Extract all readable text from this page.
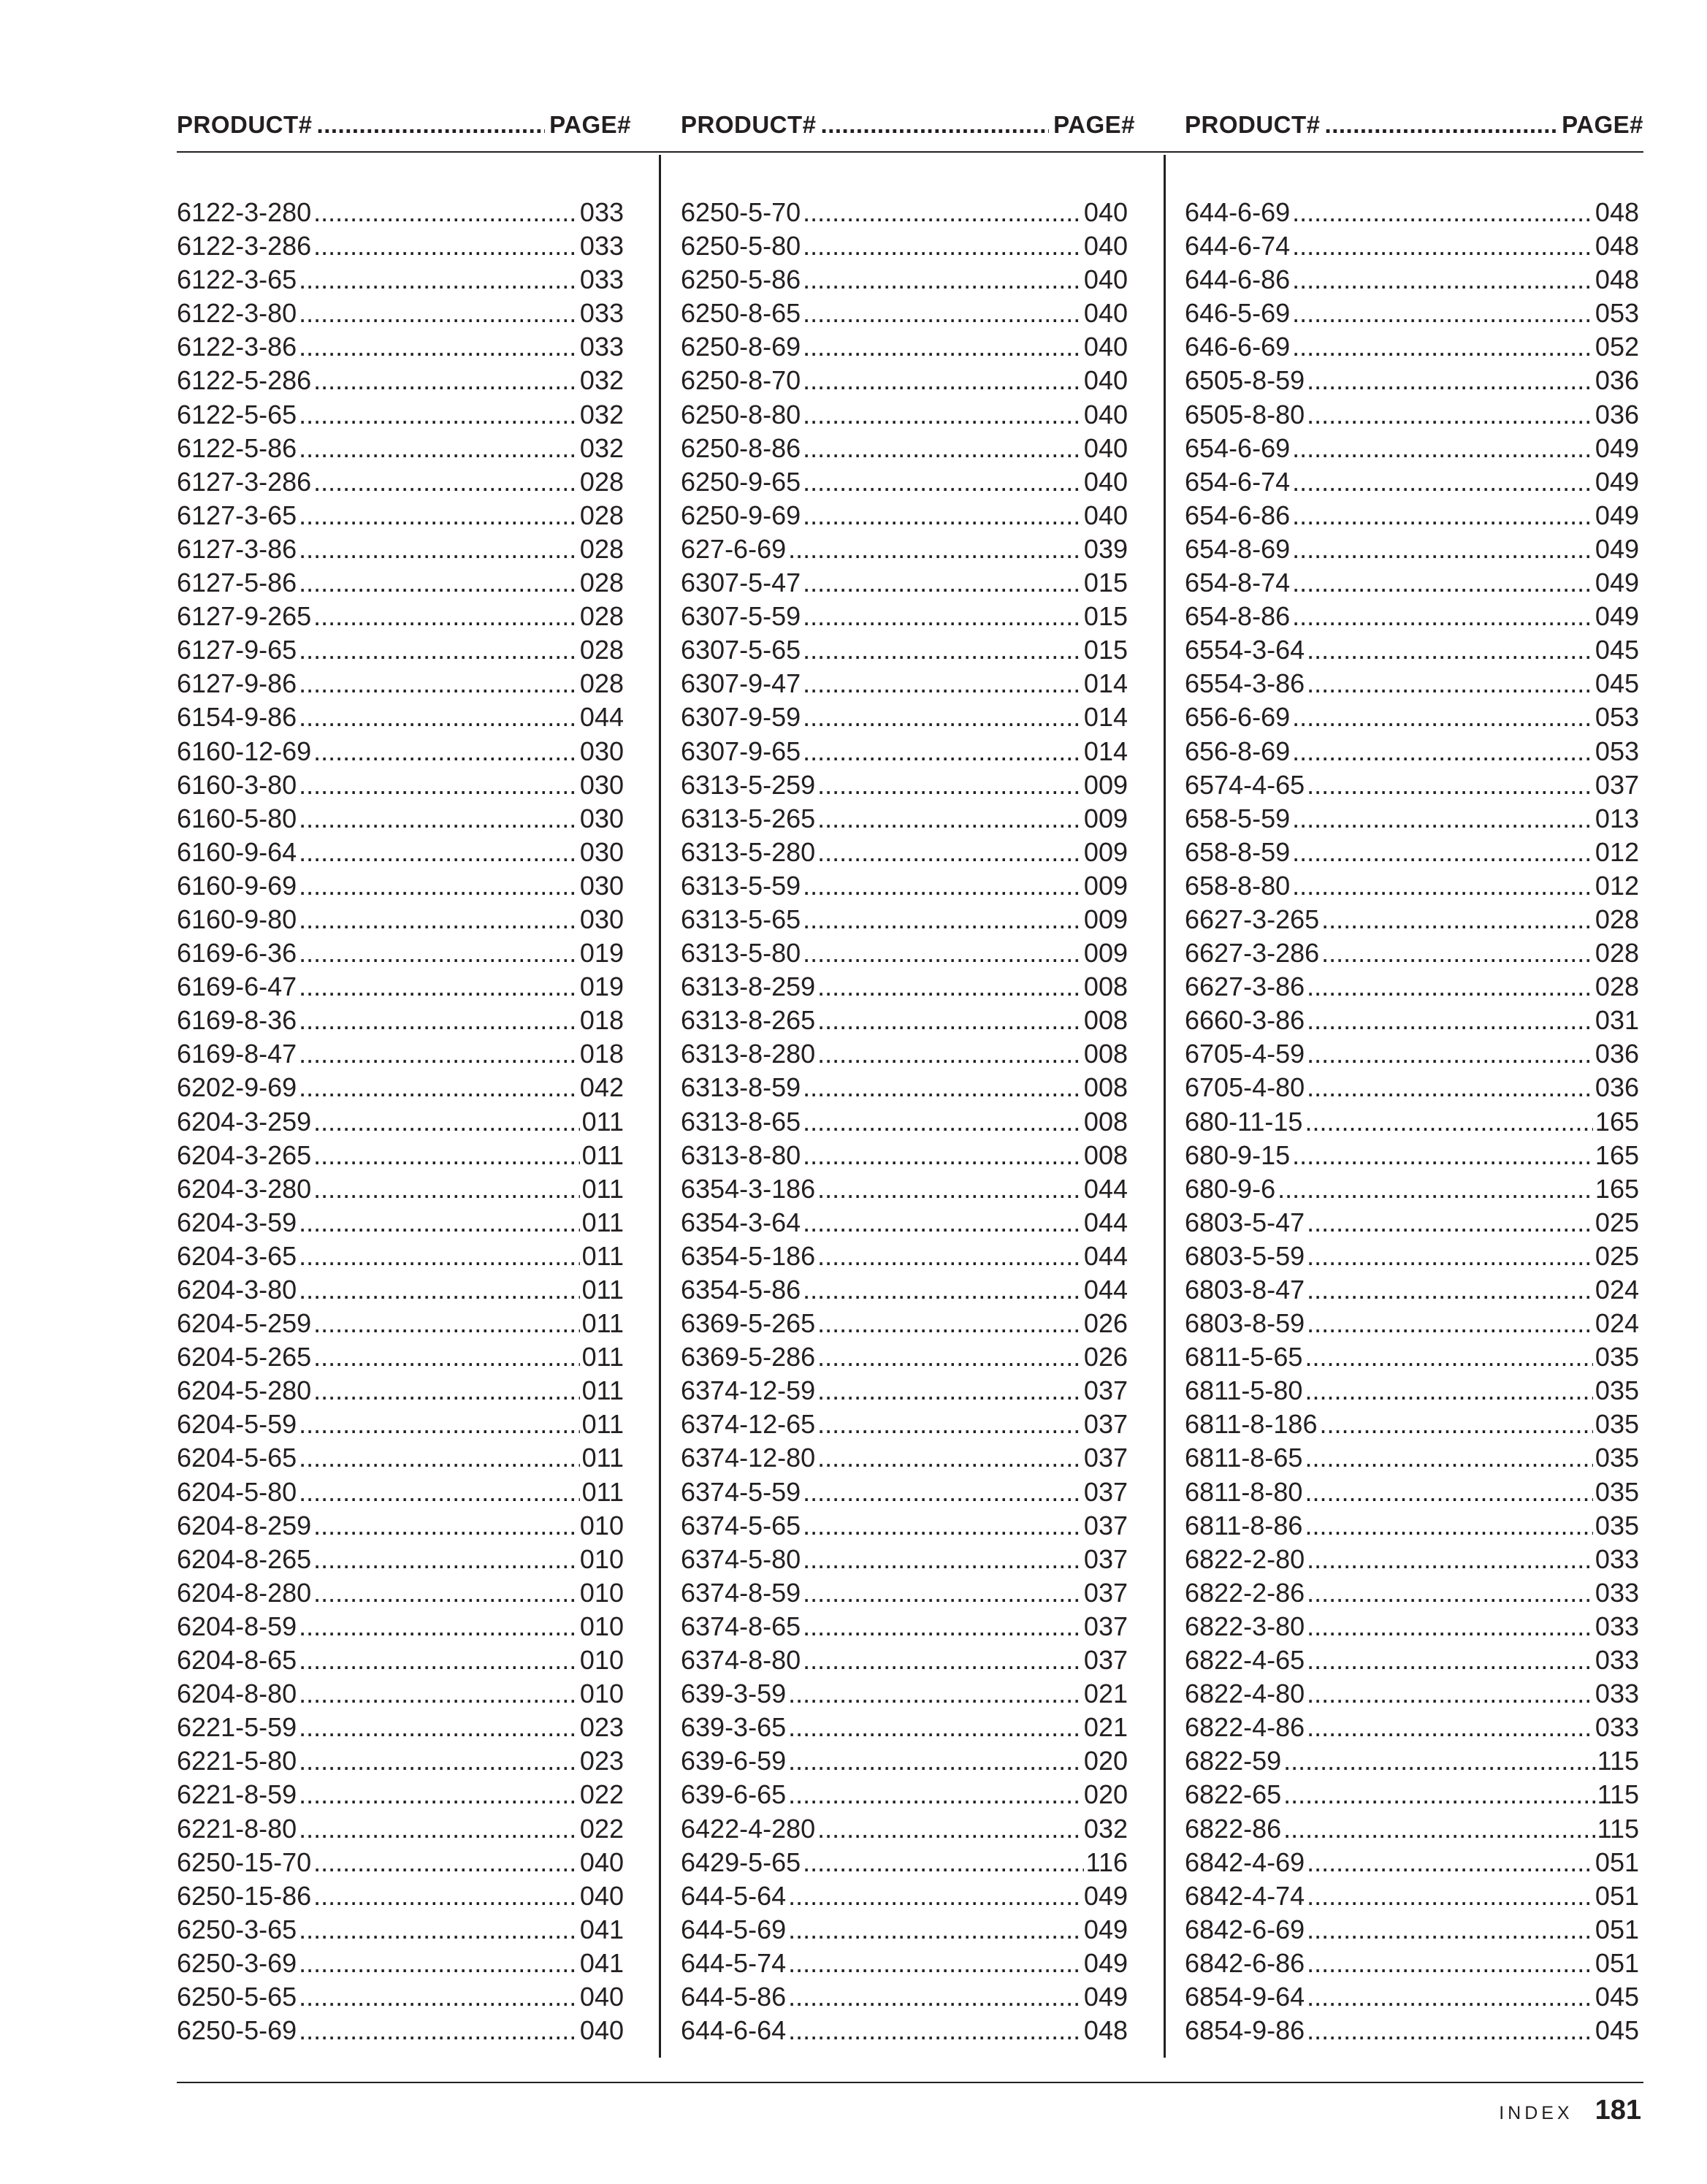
PRODUCT# .....	PAGE# PRODUCT# .....	PAGE# PRODUCT# .....	PAGE#
6122-3-280 .....	033
6122-3-286 .....	033
6122-3-65 .....	033
6122-3-80 .....	033
6122-3-86 .....	033
6122-5-286 .....	032
6122-5-65 .....	032
6122-5-86 .....	032
6127-3-286 .....	028
6127-3-65 .....	028
6127-3-86 .....	028
6127-5-86 .....	028
6127-9-265 .....	028
6127-9-65 .....	028
6127-9-86 .....	028
6154-9-86 .....	044
6160-12-69 .....	030
6160-3-80 .....	030
6160-5-80 .....	030
6160-9-64 .....	030
6160-9-69 .....	030
6160-9-80 .....	030
6169-6-36 .....	019
6169-6-47 .....	019
6169-8-36 .....	018
6169-8-47 .....	018
6202-9-69 .....	042
6204-3-259 .....	011
6204-3-265 .....	011
6204-3-280 .....	011
6204-3-59 .....	011
6204-3-65 .....	011
6204-3-80 .....	011
6204-5-259 .....	011
6204-5-265 .....	011
6204-5-280 .....	011
6204-5-59 .....	011
6204-5-65 .....	011
6204-5-80 .....	011
6204-8-259 .....	010
6204-8-265 .....	010
6204-8-280 .....	010
6204-8-59 .....	010
6204-8-65 .....	010
6204-8-80 .....	010
6221-5-59 .....	023
6221-5-80 .....	023
6221-8-59 .....	022
6221-8-80 .....	022
6250-15-70 .....	040
6250-15-86 .....	040
6250-3-65 .....	041
6250-3-69 .....	041
6250-5-65 .....	040
6250-5-69 .....	040
6250-5-70 .....	040
6250-5-80 .....	040
6250-5-86 .....	040
6250-8-65 .....	040
6250-8-69 .....	040
6250-8-70 .....	040
6250-8-80 .....	040
6250-8-86 .....	040
6250-9-65 .....	040
6250-9-69 .....	040
627-6-69 .....	039
6307-5-47 .....	015
6307-5-59 .....	015
6307-5-65 .....	015
6307-9-47 .....	014
6307-9-59 .....	014
6307-9-65 .....	014
6313-5-259 .....	009
6313-5-265 .....	009
6313-5-280 .....	009
6313-5-59 .....	009
6313-5-65 .....	009
6313-5-80 .....	009
6313-8-259 .....	008
6313-8-265 .....	008
6313-8-280 .....	008
6313-8-59 .....	008
6313-8-65 .....	008
6313-8-80 .....	008
6354-3-186 .....	044
6354-3-64 .....	044
6354-5-186 .....	044
6354-5-86 .....	044
6369-5-265 .....	026
6369-5-286 .....	026
6374-12-59 .....	037
6374-12-65 .....	037
6374-12-80 .....	037
6374-5-59 .....	037
6374-5-65 .....	037
6374-5-80 .....	037
6374-8-59 .....	037
6374-8-65 .....	037
6374-8-80 .....	037
639-3-59 .....	021
639-3-65 .....	021
639-6-59 .....	020
639-6-65 .....	020
6422-4-280 .....	032
6429-5-65 .....	116
644-5-64 .....	049
644-5-69 .....	049
644-5-74 .....	049
644-5-86 .....	049
644-6-64 .....	048
644-6-69 .....	048
644-6-74 .....	048
644-6-86 .....	048
646-5-69 .....	053
646-6-69 .....	052
6505-8-59 .....	036
6505-8-80 .....	036
654-6-69 .....	049
654-6-74 .....	049
654-6-86 .....	049
654-8-69 .....	049
654-8-74 .....	049
654-8-86 .....	049
6554-3-64 .....	045
6554-3-86 .....	045
656-6-69 .....	053
656-8-69 .....	053
6574-4-65 .....	037
658-5-59 .....	013
658-8-59 .....	012
658-8-80 .....	012
6627-3-265 .....	028
6627-3-286 .....	028
6627-3-86 .....	028
6660-3-86 .....	031
6705-4-59 .....	036
6705-4-80 .....	036
680-11-15 .....	165
680-9-15 .....	165
680-9-6 .....	165
6803-5-47 .....	025
6803-5-59 .....	025
6803-8-47 .....	024
6803-8-59 .....	024
6811-5-65 .....	035
6811-5-80 .....	035
6811-8-186 .....	035
6811-8-65 .....	035
6811-8-80 .....	035
6811-8-86 .....	035
6822-2-80 .....	033
6822-2-86 .....	033
6822-3-80 .....	033
6822-4-65 .....	033
6822-4-80 .....	033
6822-4-86 .....	033
6822-59 .....	115
6822-65 .....	115
6822-86 .....	115
6842-4-69 .....	051
6842-4-74 .....	051
6842-6-69 .....	051
6842-6-86 .....	051
6854-9-64 .....	045
6854-9-86 .....	045
INDEX 181
